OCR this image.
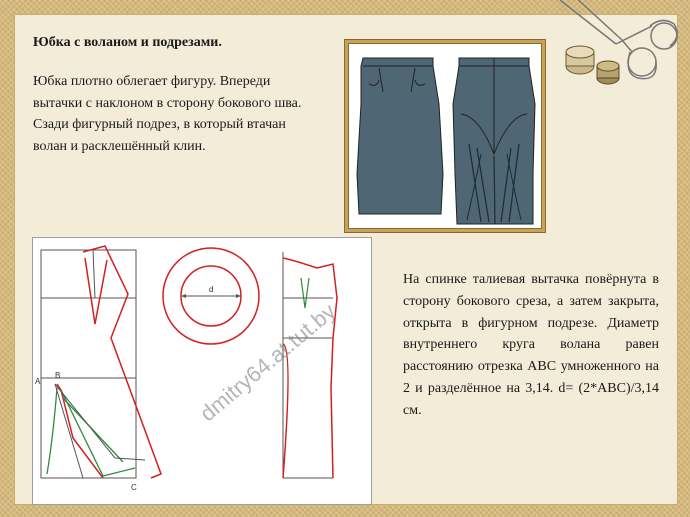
Юбка с воланом и подрезами.
Юбка плотно облегает фигуру. Впереди вытачки с наклоном в сторону бокового шва. Сзади фигурный подрез, в который втачан волан и расклешённый клин.
A
B
C
d
dmitry64.at.tut.by
На спинке талиевая вытачка повёрнута в сторону бокового среза, а затем закрыта, открыта в фигурном подрезе. Диаметр внутреннего круга волана равен расстоянию отрезка АВС умноженного на 2 и разделённое на 3,14. d= (2*АВС)/3,14 см.
